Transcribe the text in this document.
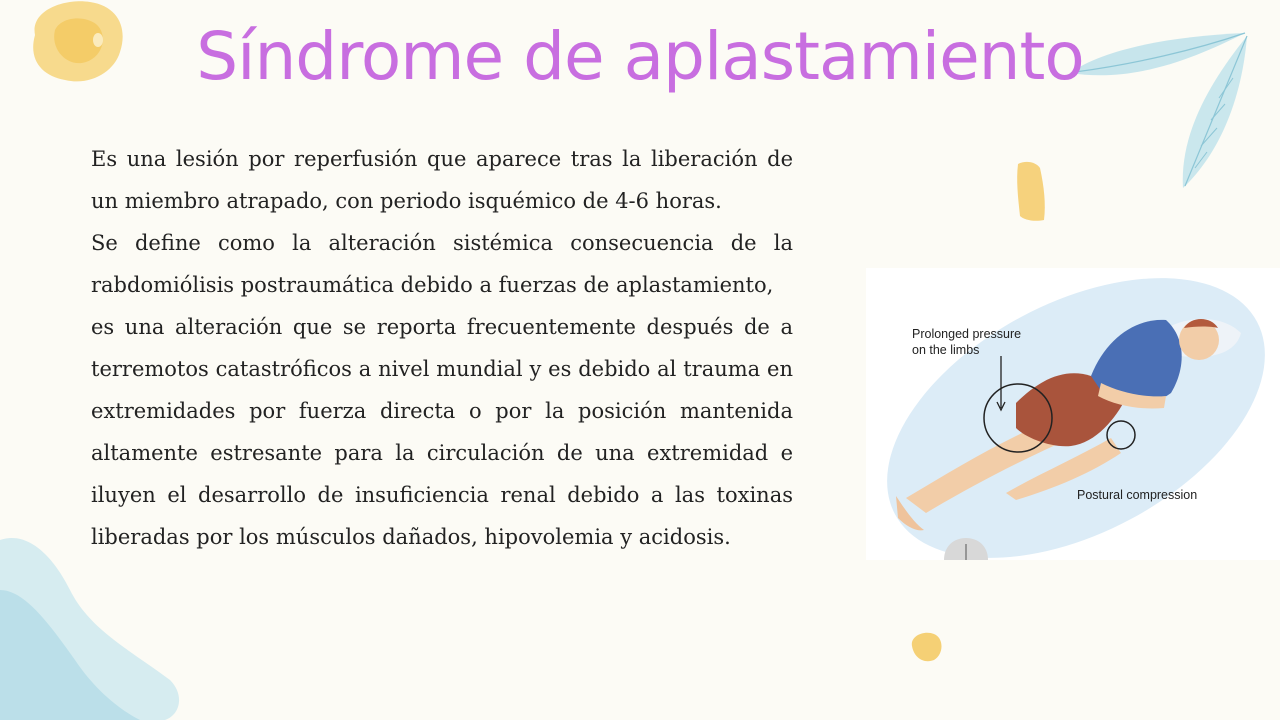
Síndrome de aplastamiento

Es una lesión por reperfusión que aparece tras la liberación de un miembro atrapado, con periodo isquémico de 4-6 horas.

Se define como la alteración sistémica consecuencia de la rabdomiólisis postraumática debido a fuerzas de aplastamiento,

es una alteración que se reporta frecuentemente después de a terremotos catastróficos a nivel mundial y es debido al trauma en extremidades por fuerza directa o por la posición mantenida altamente estresante para la circulación de una extremidad e iluyen el desarrollo de insuficiencia renal debido a las toxinas liberadas por los músculos dañados, hipovolemia y acidosis.

Prolonged pressure
on the limbs
Postural compression
